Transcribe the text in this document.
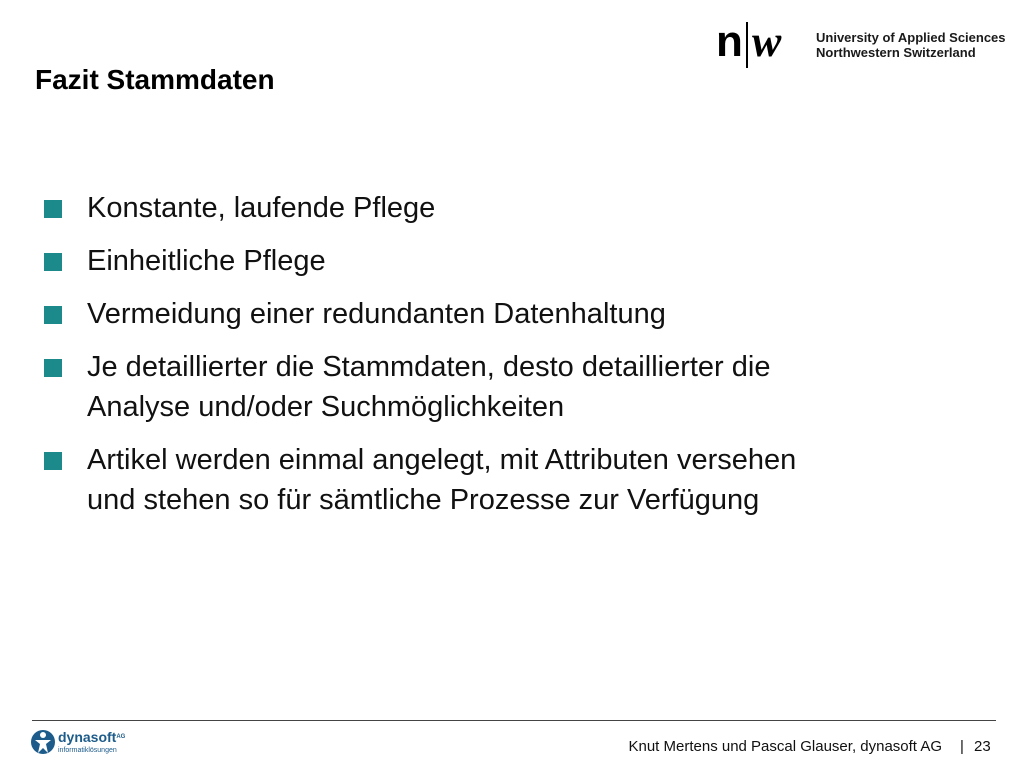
Fazit Stammdaten
n w	University of Applied Sciences
Northwestern Switzerland
Konstante, laufende Pflege
Einheitliche Pflege
Vermeidung einer redundanten Datenhaltung
Je detaillierter die Stammdaten, desto detaillierter die
Analyse und/oder Suchmöglichkeiten
Artikel werden einmal angelegt, mit Attributen versehen
und stehen so für sämtliche Prozesse zur Verfügung
dynasoft$^{AG}$
informatiklösungen	Knut Mertens und Pascal Glauser, dynasoft AG | 23
